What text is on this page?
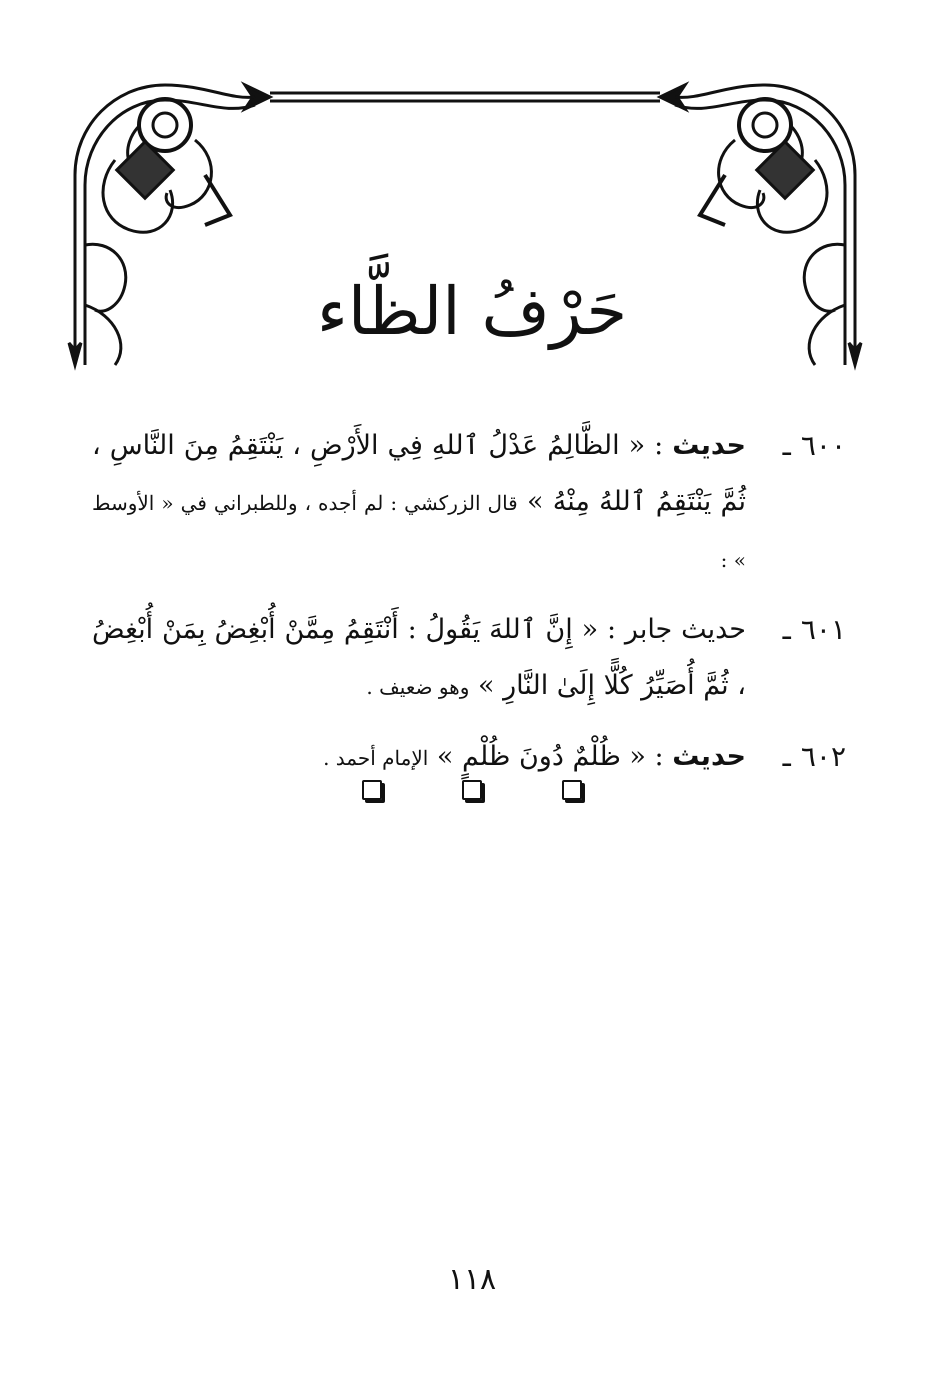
حَرْفُ الظَّاء
٦٠٠ـ
حديث : « الظَّالِمُ عَدْلُ ٱللهِ فِي الأَرْضِ ، يَنْتَقِمُ مِنَ النَّاسِ ، ثُمَّ يَنْتَقِمُ ٱللهُ مِنْهُ » قال الزركشي : لم أجده ، وللطبراني في « الأوسط » :
٦٠١ـ
حديث جابر : « إِنَّ ٱللهَ يَقُولُ : أَنْتَقِمُ مِمَّنْ أُبْغِضُ بِمَنْ أُبْغِضُ ، ثُمَّ أُصَيِّرُ كُلًّا إِلَىٰ النَّارِ » وهو ضعيف .
٦٠٢ـ
حديث : « ظُلْمٌ دُونَ ظُلْمٍ » الإمام أحمد .
١١٨
